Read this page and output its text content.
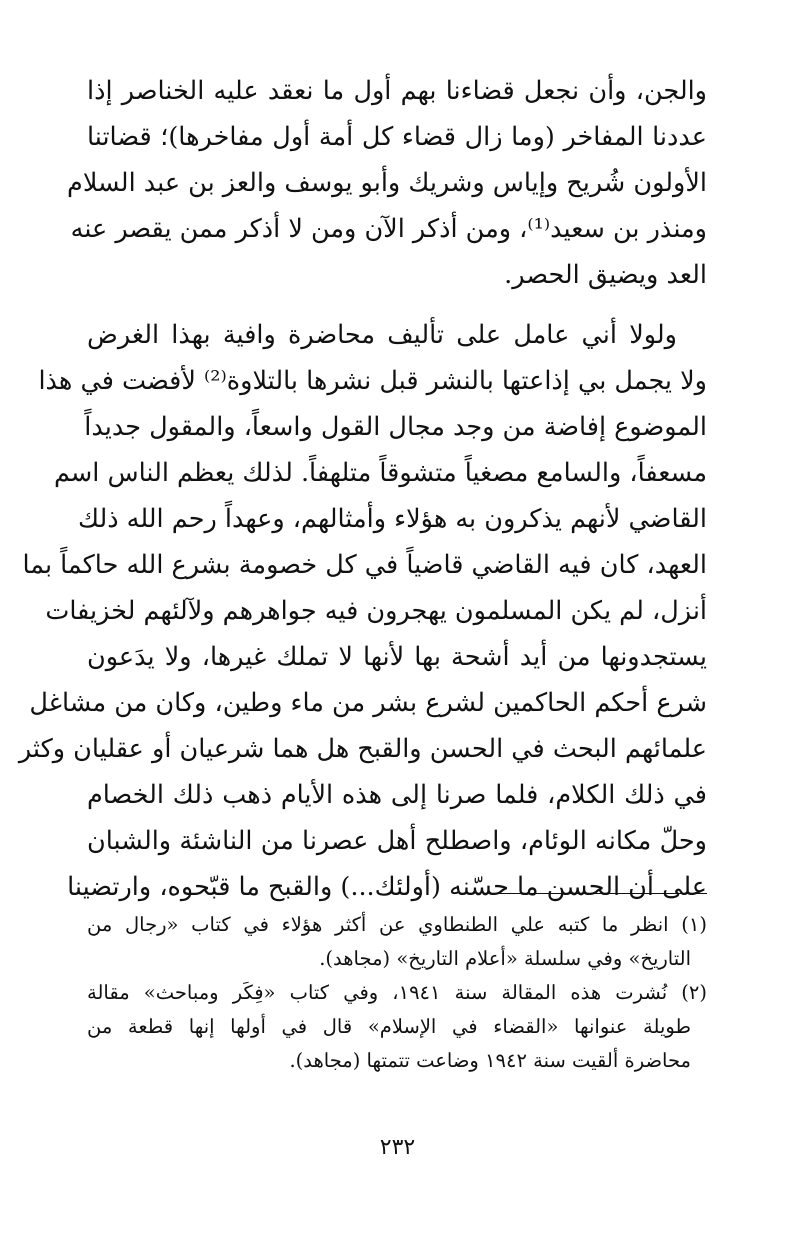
والجن، وأن نجعل قضاءنا بهم أول ما نعقد عليه الخناصر إذا
عددنا المفاخر (وما زال قضاء كل أمة أول مفاخرها)؛ قضاتنا
الأولون شُريح وإياس وشريك وأبو يوسف والعز بن عبد السلام
ومنذر بن سعيد⁽¹⁾، ومن أذكر الآن ومن لا أذكر ممن يقصر عنه
العد ويضيق الحصر.
ولولا أني عامل على تأليف محاضرة وافية بهذا الغرض
ولا يجمل بي إذاعتها بالنشر قبل نشرها بالتلاوة⁽²⁾ لأفضت في هذا
الموضوع إفاضة من وجد مجال القول واسعاً، والمقول جديداً
مسعفاً، والسامع مصغياً متشوقاً متلهفاً. لذلك يعظم الناس اسم
القاضي لأنهم يذكرون به هؤلاء وأمثالهم، وعهداً رحم الله ذلك
العهد، كان فيه القاضي قاضياً في كل خصومة بشرع الله حاكماً بما
أنزل، لم يكن المسلمون يهجرون فيه جواهرهم ولآلئهم لخزيفات
يستجدونها من أيد أشحة بها لأنها لا تملك غيرها، ولا يدَعون
شرع أحكم الحاكمين لشرع بشر من ماء وطين، وكان من مشاغل
علمائهم البحث في الحسن والقبح هل هما شرعيان أو عقليان وكثر
في ذلك الكلام، فلما صرنا إلى هذه الأيام ذهب ذلك الخصام
وحلّ مكانه الوئام، واصطلح أهل عصرنا من الناشئة والشبان
على أن الحسن ما حسّنه (أولئك...) والقبح ما قبّحوه، وارتضينا
(١) انظر ما كتبه علي الطنطاوي عن أكثر هؤلاء في كتاب «رجال من
التاريخ» وفي سلسلة «أعلام التاريخ» (مجاهد).
(٢) نُشرت هذه المقالة سنة ١٩٤١، وفي كتاب «فِكَر ومباحث» مقالة
طويلة عنوانها «القضاء في الإسلام» قال في أولها إنها قطعة من
محاضرة ألقيت سنة ١٩٤٢ وضاعت تتمتها (مجاهد).
٢٣٢
